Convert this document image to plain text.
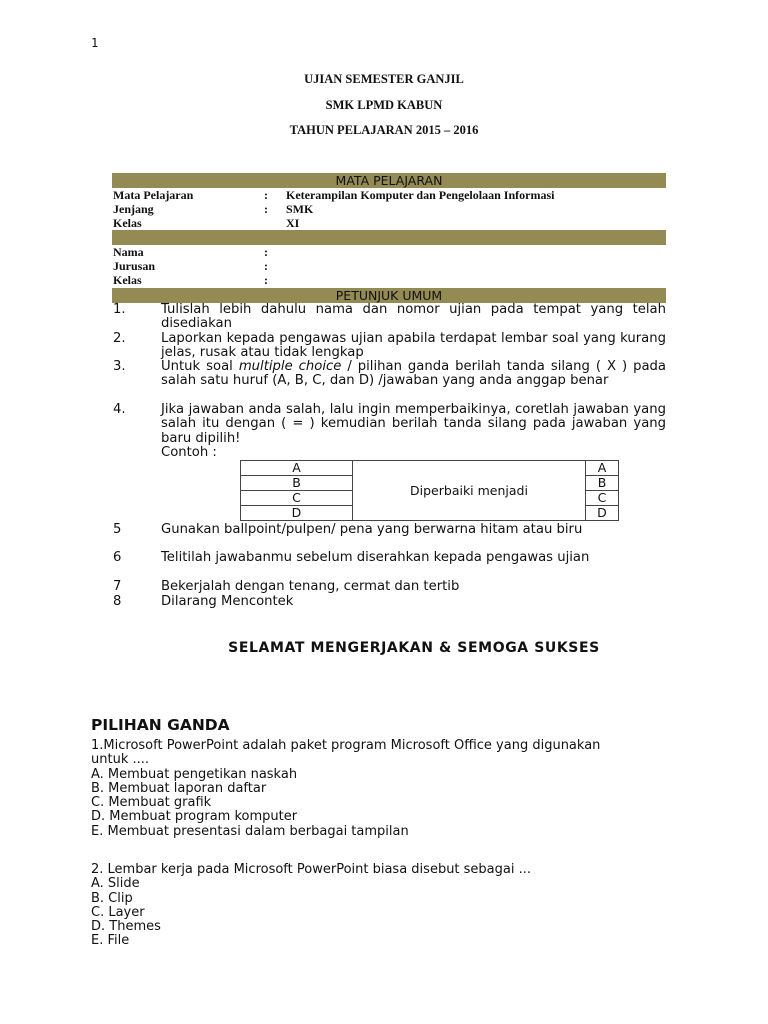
1
UJIAN SEMESTER GANJIL
SMK LPMD KABUN
TAHUN PELAJARAN 2015 – 2016
MATA PELAJARAN
Mata Pelajaran	: Keterampilan Komputer dan Pengelolaan Informasi
Jenjang	: SMK
Kelas	XI
Nama	:
Jurusan	:
Kelas	:
PETUNJUK UMUM
1.	Tulislah lebih dahulu nama dan nomor ujian pada tempat yang telah disediakan
2.	Laporkan kepada pengawas ujian apabila terdapat lembar soal yang kurang jelas, rusak atau tidak lengkap
3.	Untuk soal multiple choice / pilihan ganda berilah tanda silang ( X ) pada salah satu huruf (A, B, C, dan D) /jawaban yang anda anggap benar
4.	Jika jawaban anda salah, lalu ingin memperbaikinya, coretlah jawaban yang salah itu dengan ( = ) kemudian berilah tanda silang pada jawaban yang baru dipilih!
Contoh :
A	Diperbaiki menjadi	A
B		B
C		C
D		D
5	Gunakan ballpoint/pulpen/ pena yang berwarna hitam atau biru
6	Telitilah jawabanmu sebelum diserahkan kepada pengawas ujian
7	Bekerjalah dengan tenang, cermat dan tertib
8	Dilarang Mencontek
SELAMAT MENGERJAKAN & SEMOGA SUKSES
PILIHAN GANDA
1.Microsoft PowerPoint adalah paket program Microsoft Office yang digunakan untuk ....
A. Membuat pengetikan naskah
B. Membuat laporan daftar
C. Membuat grafik
D. Membuat program komputer
E. Membuat presentasi dalam berbagai tampilan
2. Lembar kerja pada Microsoft PowerPoint biasa disebut sebagai ...
A. Slide
B. Clip
C. Layer
D. Themes
E. File
